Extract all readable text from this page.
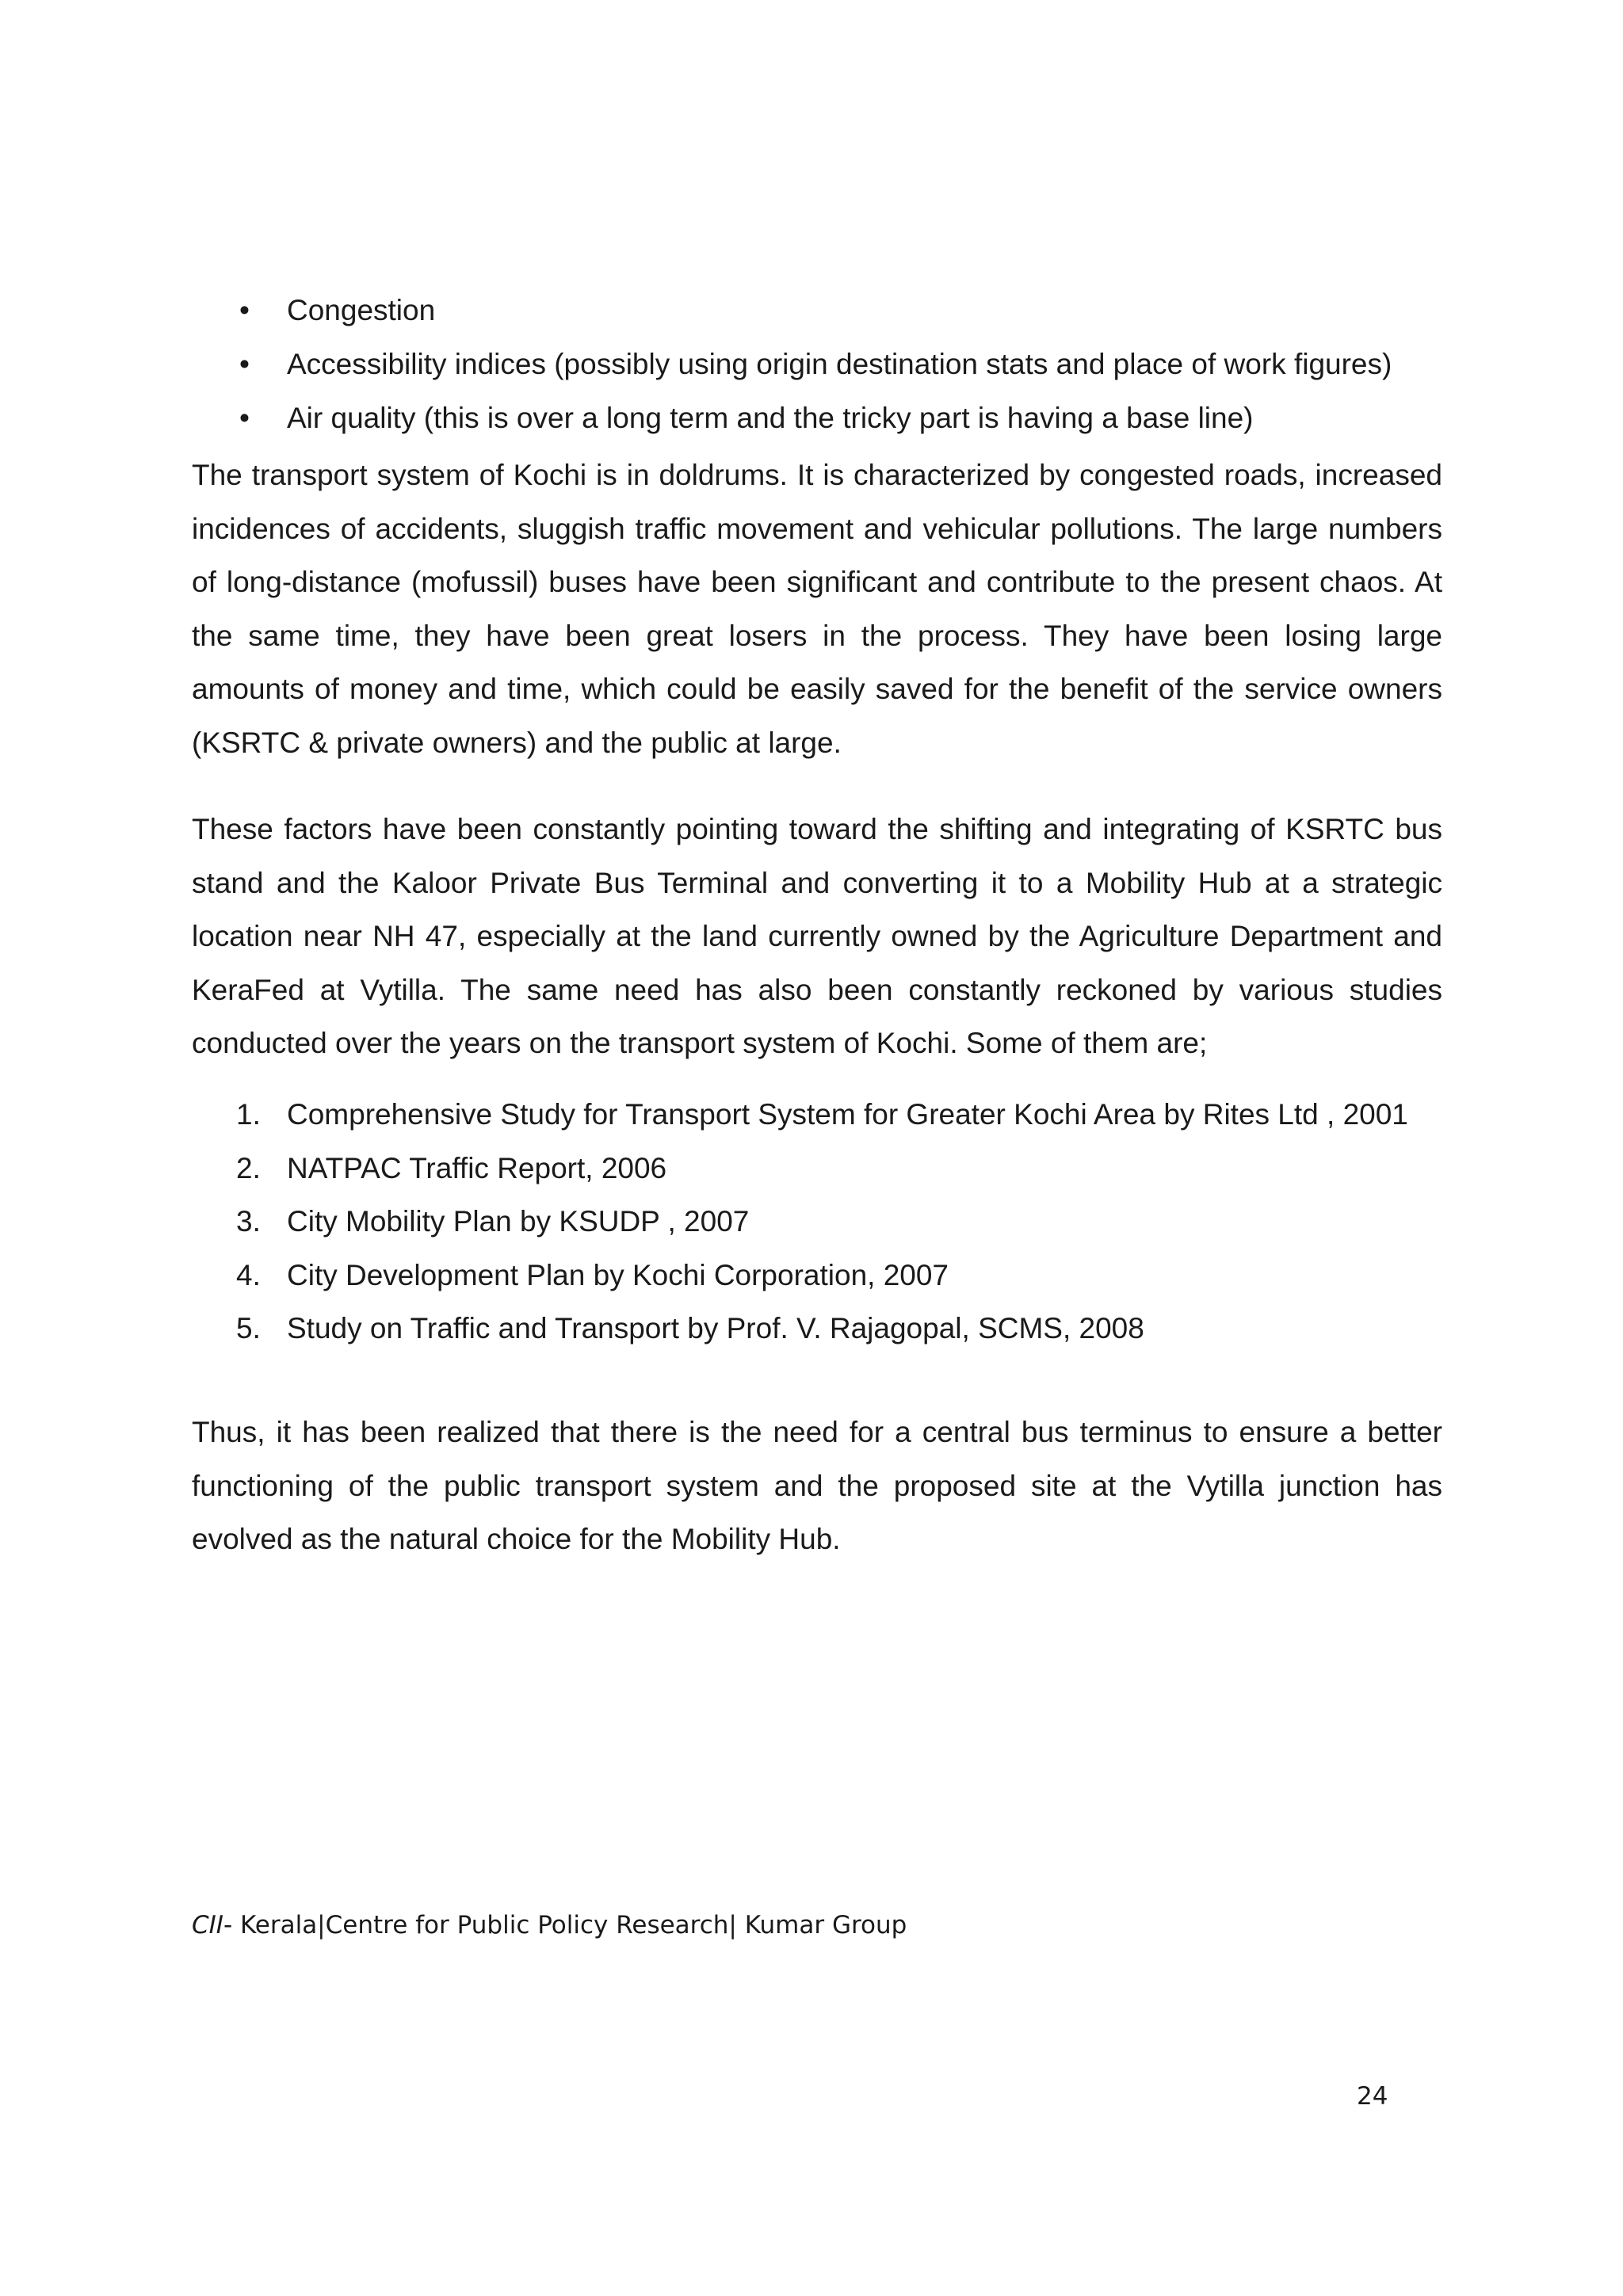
•	Congestion
•	Accessibility indices (possibly using origin destination stats and place of work figures)
•	Air quality (this is over a long term and the tricky part is having a base line)

The transport system of Kochi is in doldrums. It is characterized by congested roads, increased incidences of accidents, sluggish traffic movement and vehicular pollutions. The large numbers of long-distance (mofussil) buses have been significant and contribute to the present chaos. At the same time, they have been great losers in the process. They have been losing large amounts of money and time, which could be easily saved for the benefit of the service owners (KSRTC & private owners) and the public at large.

These factors have been constantly pointing toward the shifting and integrating of KSRTC bus stand and the Kaloor Private Bus Terminal and converting it to a Mobility Hub at a strategic location near NH 47, especially at the land currently owned by the Agriculture Department and KeraFed at Vytilla. The same need has also been constantly reckoned by various studies conducted over the years on the transport system of Kochi. Some of them are;

1. Comprehensive Study for Transport System for Greater Kochi Area by Rites Ltd , 2001
2. NATPAC Traffic Report, 2006
3. City Mobility Plan by KSUDP , 2007
4. City Development Plan by Kochi Corporation, 2007
5. Study on Traffic and Transport by Prof. V. Rajagopal, SCMS, 2008

Thus, it has been realized that there is the need for a central bus terminus to ensure a better functioning of the public transport system and the proposed site at the Vytilla junction has evolved as the natural choice for the Mobility Hub.

CII- Kerala|Centre for Public Policy Research| Kumar Group
24
